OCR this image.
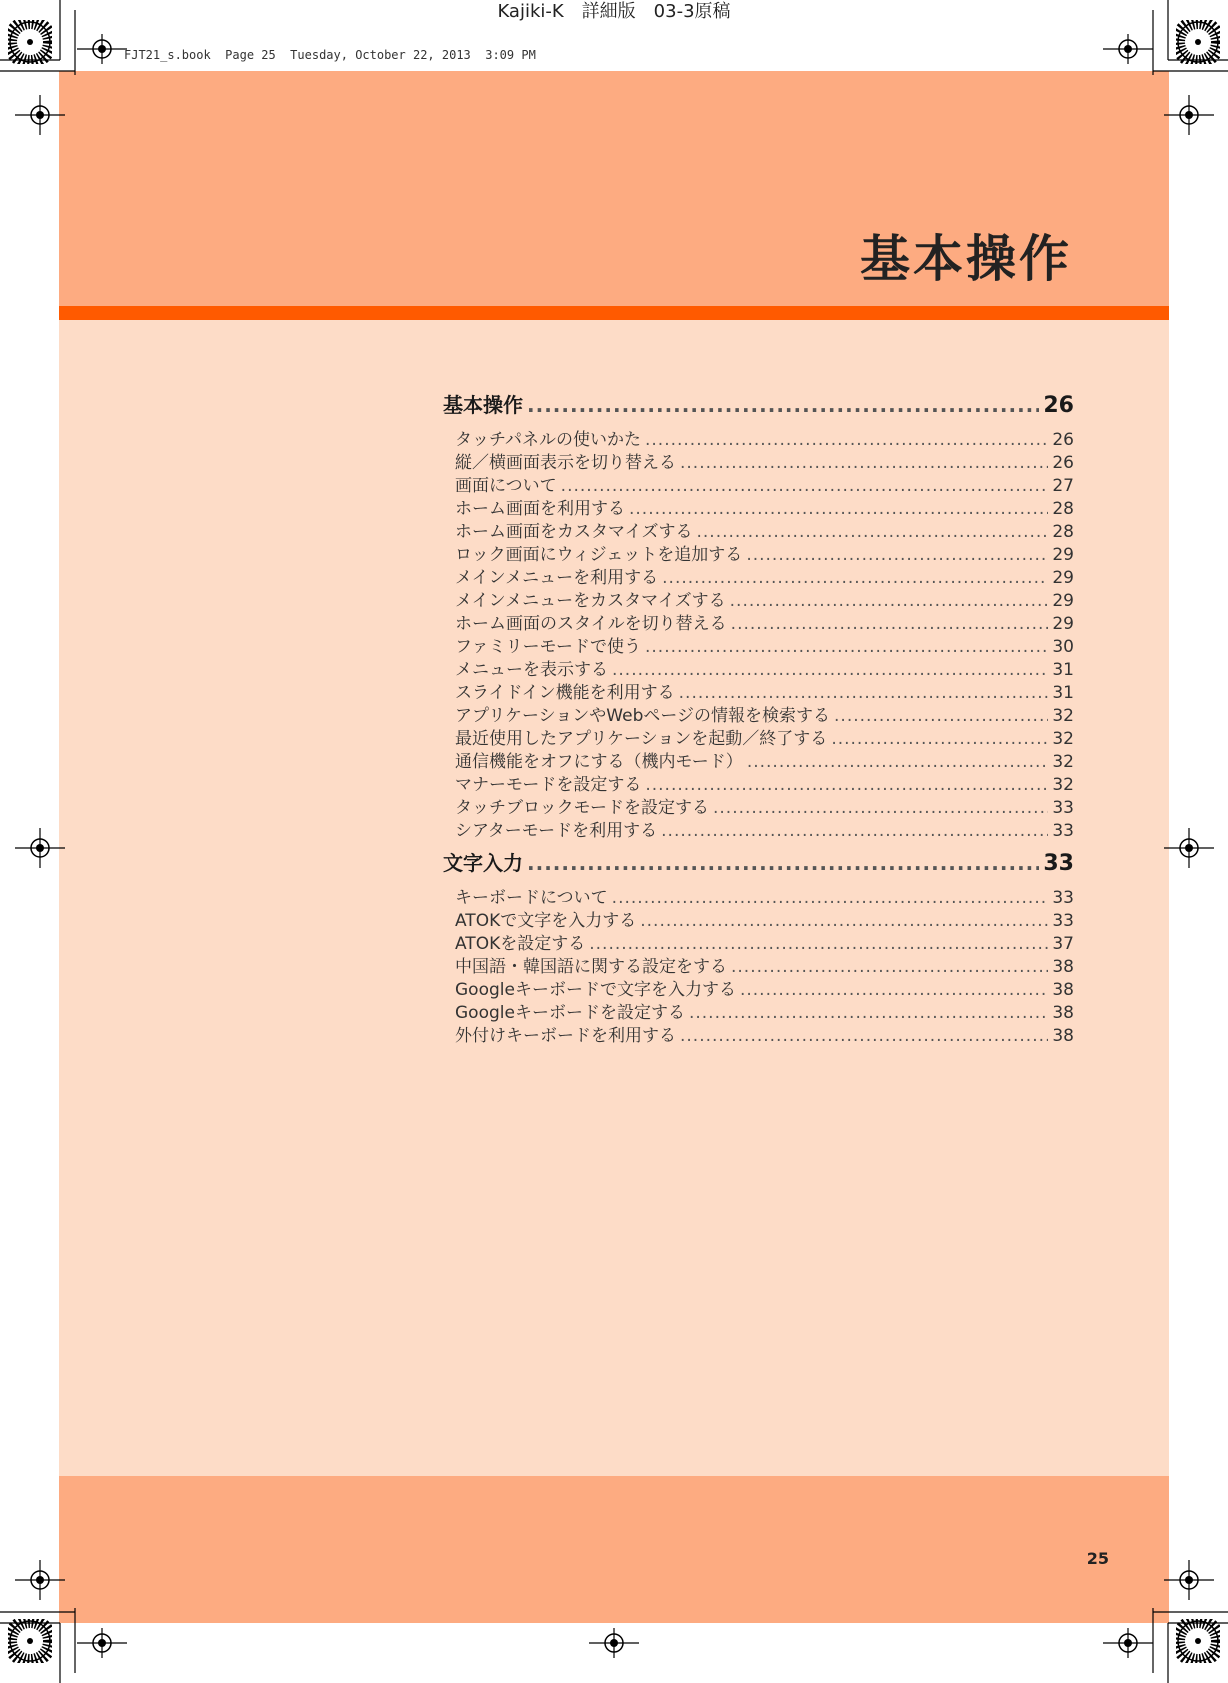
Kajiki-K　詳細版　03-3原稿
FJT21_s.book  Page 25  Tuesday, October 22, 2013  3:09 PM
基本操作
基本操作 .....	26
タッチパネルの使いかた .....	26
縦／横画面表示を切り替える .....	26
画面について .....	27
ホーム画面を利用する .....	28
ホーム画面をカスタマイズする .....	28
ロック画面にウィジェットを追加する .....	29
メインメニューを利用する .....	29
メインメニューをカスタマイズする .....	29
ホーム画面のスタイルを切り替える .....	29
ファミリーモードで使う .....	30
メニューを表示する .....	31
スライドイン機能を利用する .....	31
アプリケーションやWebページの情報を検索する .....	32
最近使用したアプリケーションを起動／終了する .....	32
通信機能をオフにする（機内モード） .....	32
マナーモードを設定する .....	32
タッチブロックモードを設定する .....	33
シアターモードを利用する .....	33
文字入力 .....	33
キーボードについて .....	33
ATOKで文字を入力する .....	33
ATOKを設定する .....	37
中国語・韓国語に関する設定をする .....	38
Googleキーボードで文字を入力する .....	38
Googleキーボードを設定する .....	38
外付けキーボードを利用する .....	38
25
